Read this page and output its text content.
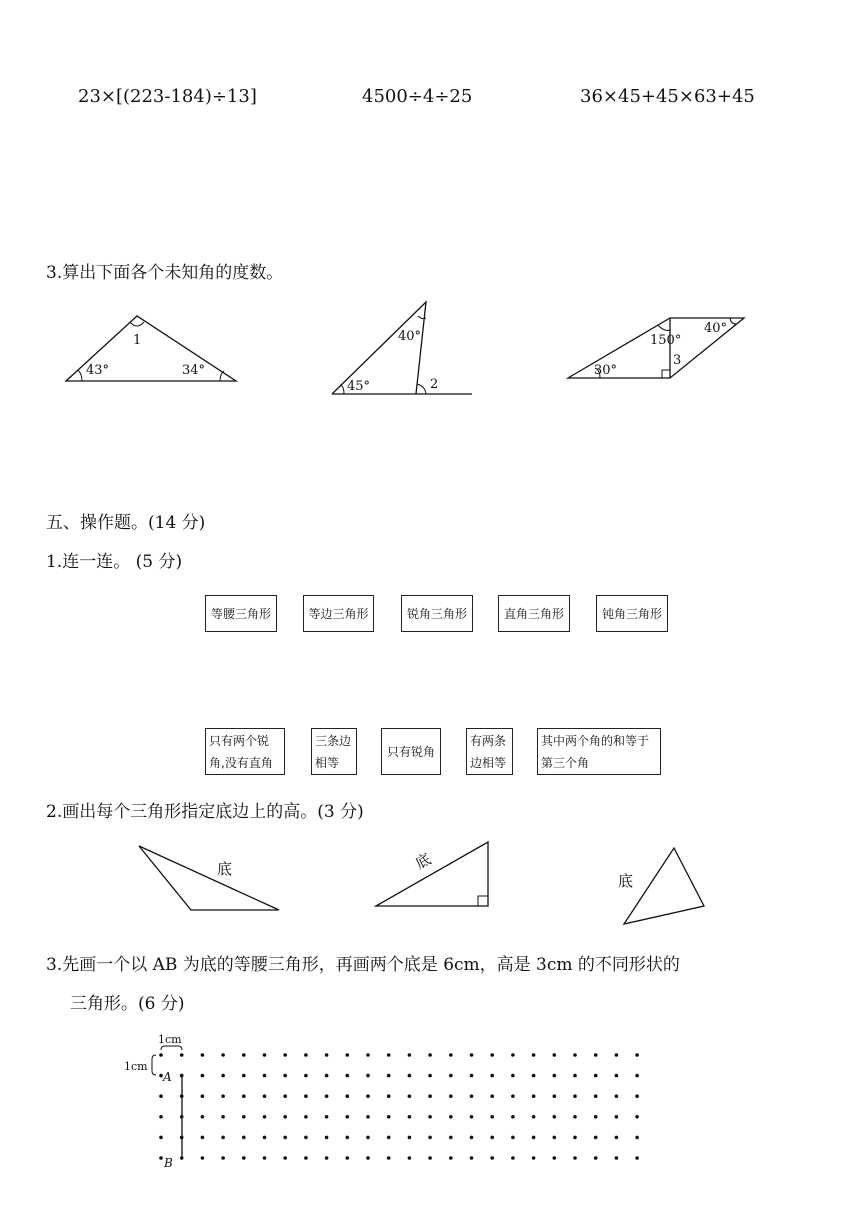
23×[(223-184)÷13]	4500÷4÷25	36×45+45×63+45
3.算出下面各个未知角的度数。
1
43°	34°
40°
45°	2
30°
150°
40°
3
五、操作题。(14 分)
1.连一连。 (5 分)
等腰三角形	等边三角形	锐角三角形	直角三角形	钝角三角形
只有两个锐
角,没有直角
三条边
相等
只有锐角
有两条
边相等
其中两个角的和等于
第三个角
2.画出每个三角形指定底边上的高。(3 分)
底	底
底
3.先画一个以 AB 为底的等腰三角形，再画两个底是 6cm，高是 3cm 的不同形状的
三角形。(6 分)
1cm
1cm
A
B
